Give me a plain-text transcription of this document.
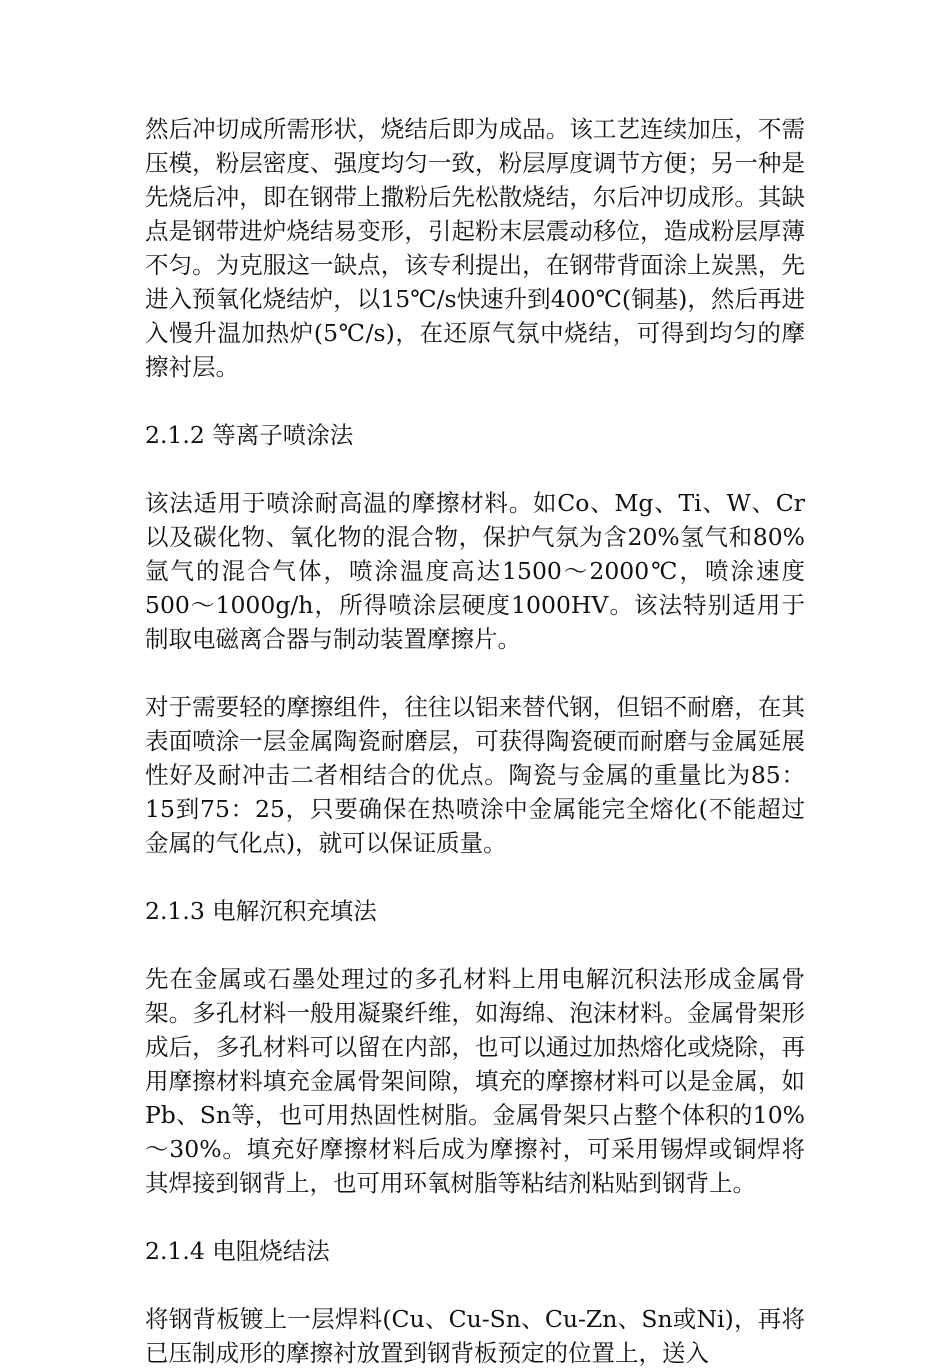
然后冲切成所需形状，烧结后即为成品。该工艺连续加压，不需压模，粉层密度、强度均匀一致，粉层厚度调节方便；另一种是先烧后冲，即在钢带上撒粉后先松散烧结，尔后冲切成形。其缺点是钢带进炉烧结易变形，引起粉末层震动移位，造成粉层厚薄不匀。为克服这一缺点，该专利提出，在钢带背面涂上炭黑，先进入预氧化烧结炉，以15℃/s快速升到400℃(铜基)，然后再进入慢升温加热炉(5℃/s)，在还原气氛中烧结，可得到均匀的摩擦衬层。

2.1.2 等离子喷涂法

该法适用于喷涂耐高温的摩擦材料。如Co、Mg、Ti、W、Cr以及碳化物、氧化物的混合物，保护气氛为含20%氢气和80%氩气的混合气体，喷涂温度高达1500～2000℃，喷涂速度500～1000g/h，所得喷涂层硬度1000HV。该法特别适用于制取电磁离合器与制动装置摩擦片。

对于需要轻的摩擦组件，往往以铝来替代钢，但铝不耐磨，在其表面喷涂一层金属陶瓷耐磨层，可获得陶瓷硬而耐磨与金属延展性好及耐冲击二者相结合的优点。陶瓷与金属的重量比为85：15到75：25，只要确保在热喷涂中金属能完全熔化(不能超过金属的气化点)，就可以保证质量。

2.1.3 电解沉积充填法

先在金属或石墨处理过的多孔材料上用电解沉积法形成金属骨架。多孔材料一般用凝聚纤维，如海绵、泡沫材料。金属骨架形成后，多孔材料可以留在内部，也可以通过加热熔化或烧除，再用摩擦材料填充金属骨架间隙，填充的摩擦材料可以是金属，如Pb、Sn等，也可用热固性树脂。金属骨架只占整个体积的10%～30%。填充好摩擦材料后成为摩擦衬，可采用锡焊或铜焊将其焊接到钢背上，也可用环氧树脂等粘结剂粘贴到钢背上。

2.1.4 电阻烧结法

将钢背板镀上一层焊料(Cu、Cu-Sn、Cu-Zn、Sn或Ni)，再将已压制成形的摩擦衬放置到钢背板预定的位置上，送入
